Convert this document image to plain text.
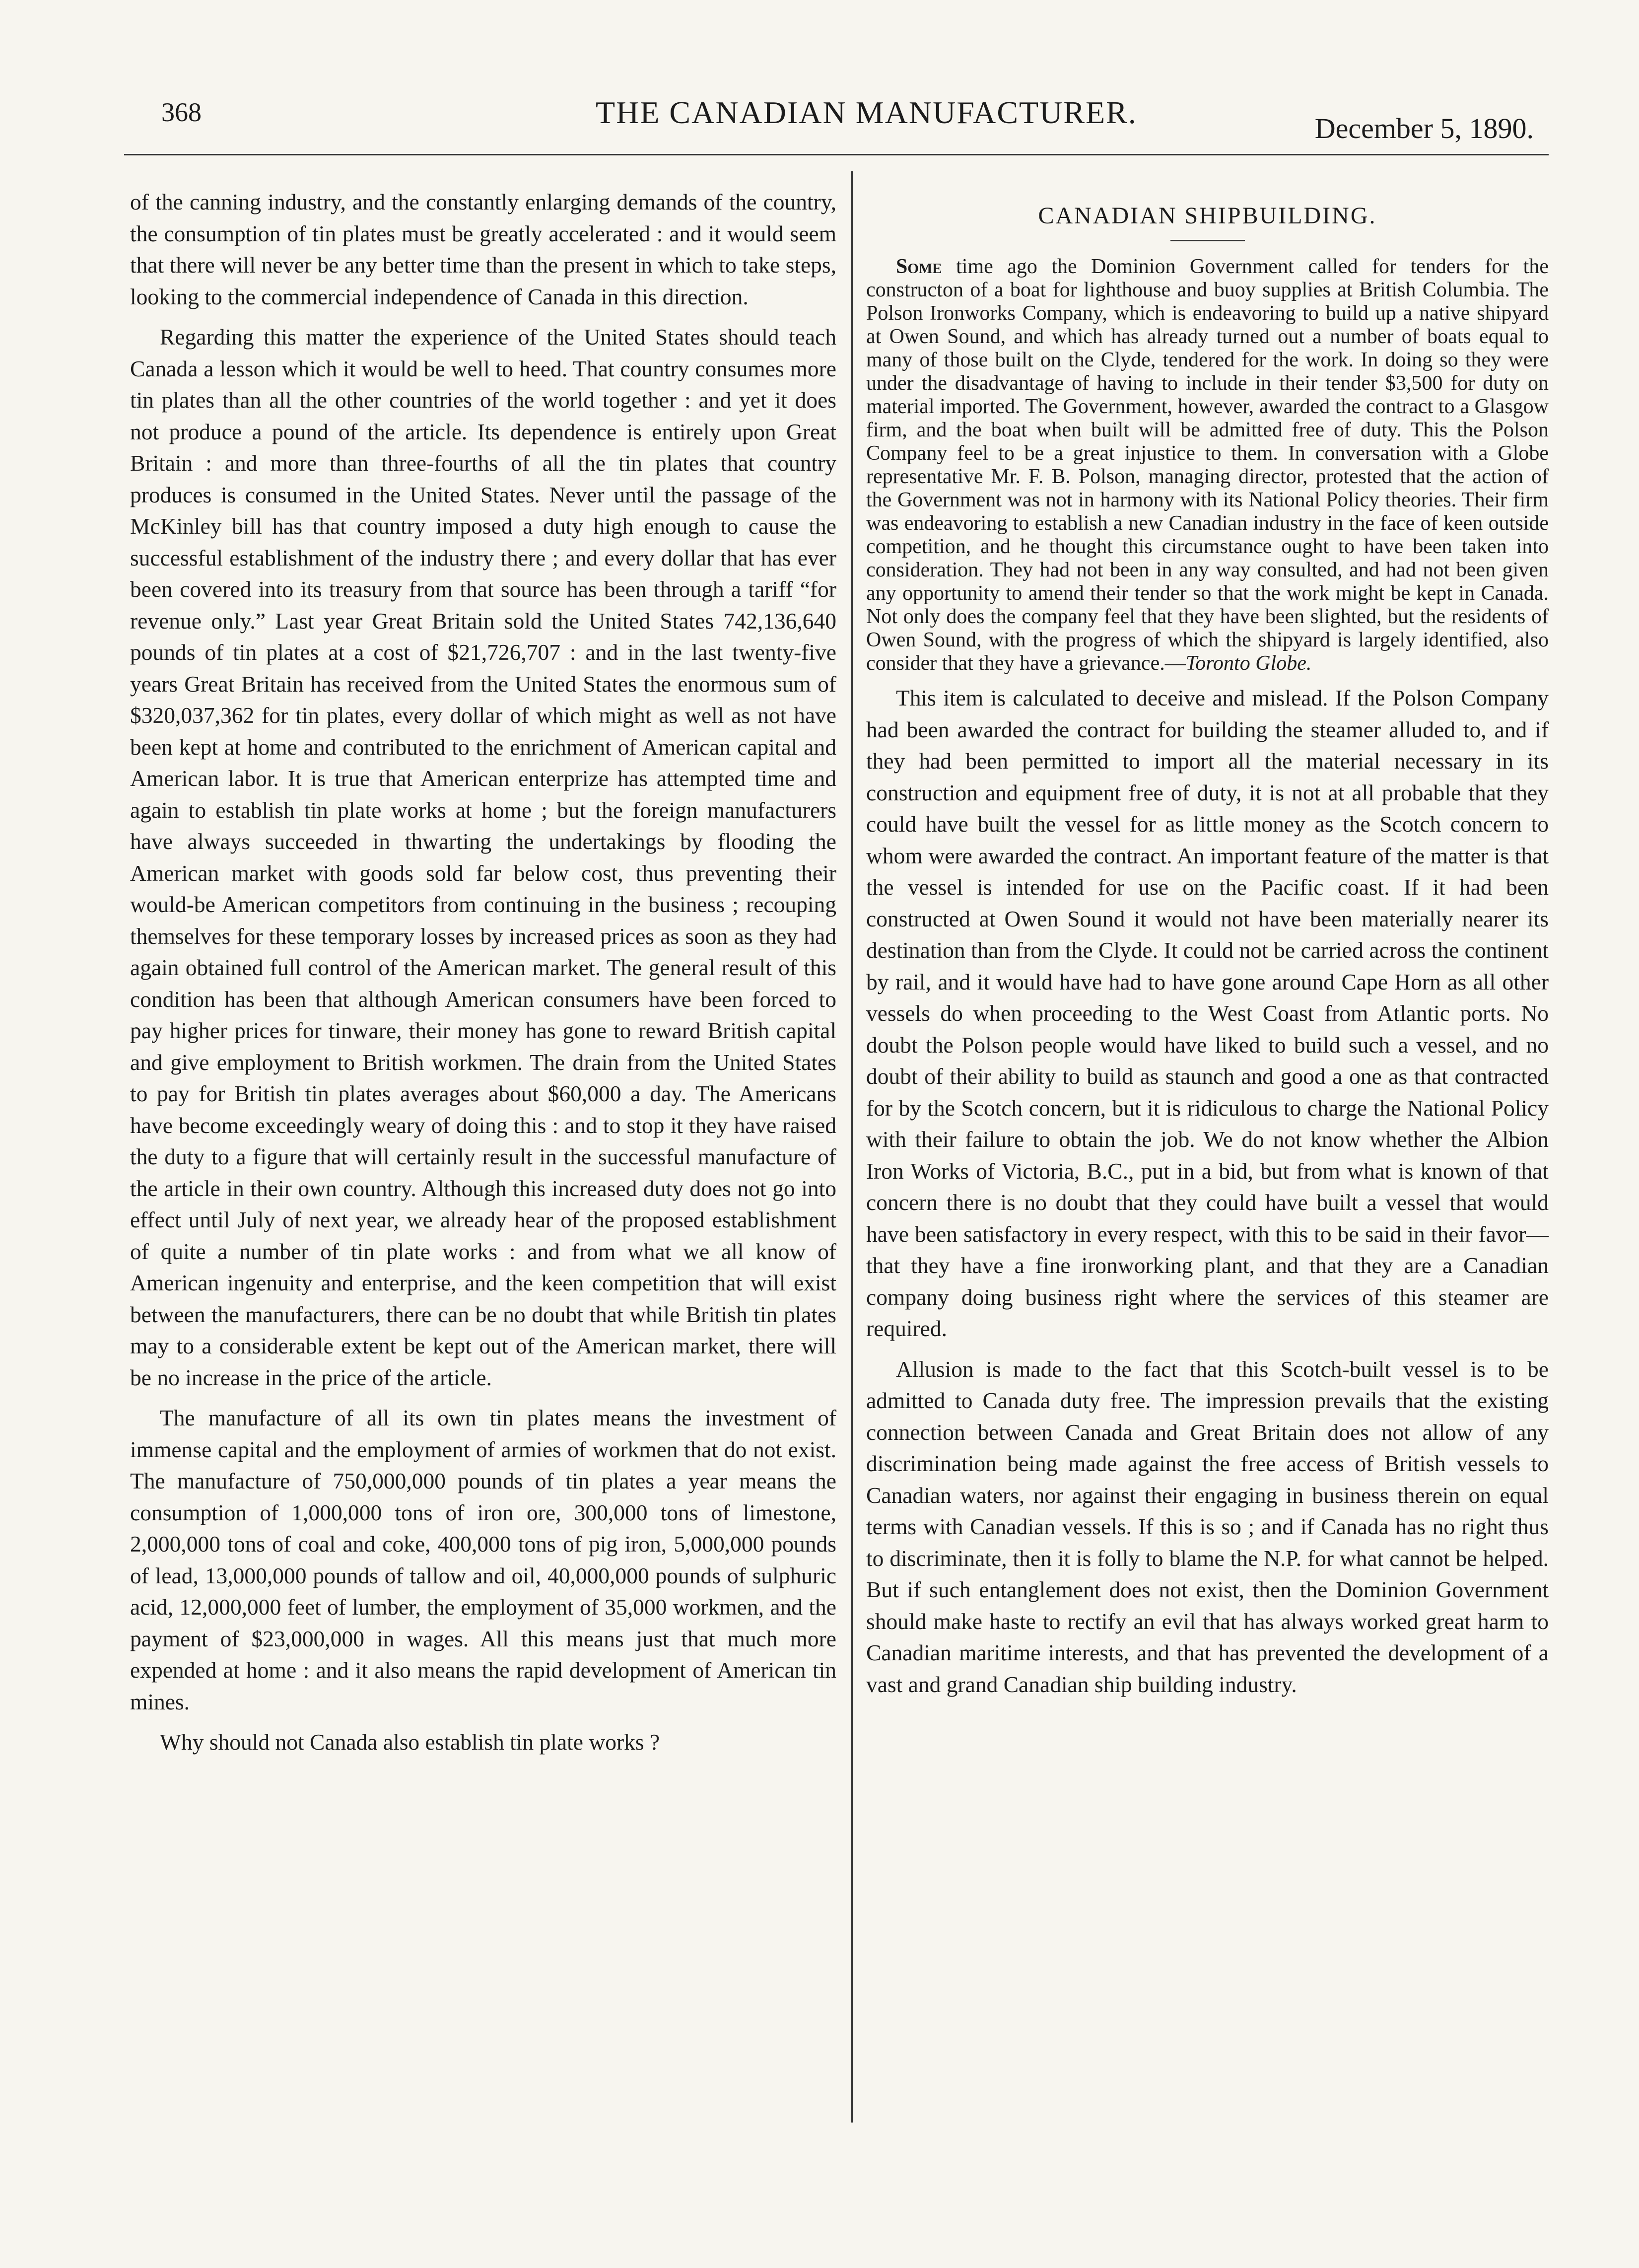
368	THE CANADIAN MANUFACTURER.	December 5, 1890.

of the canning industry, and the constantly enlarging demands of the country, the consumption of tin plates must be greatly accelerated : and it would seem that there will never be any better time than the present in which to take steps, looking to the commercial independence of Canada in this direction.

Regarding this matter the experience of the United States should teach Canada a lesson which it would be well to heed. That country consumes more tin plates than all the other countries of the world together : and yet it does not produce a pound of the article. Its dependence is entirely upon Great Britain : and more than three-fourths of all the tin plates that country produces is consumed in the United States. Never until the passage of the McKinley bill has that country imposed a duty high enough to cause the successful establishment of the industry there ; and every dollar that has ever been covered into its treasury from that source has been through a tariff “for revenue only.” Last year Great Britain sold the United States 742,136,640 pounds of tin plates at a cost of $21,726,707 : and in the last twenty-five years Great Britain has received from the United States the enormous sum of $320,037,362 for tin plates, every dollar of which might as well as not have been kept at home and contributed to the enrichment of American capital and American labor. It is true that American enterprize has attempted time and again to establish tin plate works at home ; but the foreign manufacturers have always succeeded in thwarting the undertakings by flooding the American market with goods sold far below cost, thus preventing their would-be American competitors from continuing in the business ; recouping themselves for these temporary losses by increased prices as soon as they had again obtained full control of the American market. The general result of this condition has been that although American consumers have been forced to pay higher prices for tinware, their money has gone to reward British capital and give employment to British workmen. The drain from the United States to pay for British tin plates averages about $60,000 a day. The Americans have become exceedingly weary of doing this : and to stop it they have raised the duty to a figure that will certainly result in the successful manufacture of the article in their own country. Although this increased duty does not go into effect until July of next year, we already hear of the proposed establishment of quite a number of tin plate works : and from what we all know of American ingenuity and enterprise, and the keen competition that will exist between the manufacturers, there can be no doubt that while British tin plates may to a considerable extent be kept out of the American market, there will be no increase in the price of the article.

The manufacture of all its own tin plates means the investment of immense capital and the employment of armies of workmen that do not exist. The manufacture of 750,000,000 pounds of tin plates a year means the consumption of 1,000,000 tons of iron ore, 300,000 tons of limestone, 2,000,000 tons of coal and coke, 400,000 tons of pig iron, 5,000,000 pounds of lead, 13,000,000 pounds of tallow and oil, 40,000,000 pounds of sulphuric acid, 12,000,000 feet of lumber, the employment of 35,000 workmen, and the payment of $23,000,000 in wages. All this means just that much more expended at home : and it also means the rapid development of American tin mines.

Why should not Canada also establish tin plate works ?

CANADIAN SHIPBUILDING.

Some time ago the Dominion Government called for tenders for the constructon of a boat for lighthouse and buoy supplies at British Columbia. The Polson Ironworks Company, which is endeavoring to build up a native shipyard at Owen Sound, and which has already turned out a number of boats equal to many of those built on the Clyde, tendered for the work. In doing so they were under the disadvantage of having to include in their tender $3,500 for duty on material imported. The Government, however, awarded the contract to a Glasgow firm, and the boat when built will be admitted free of duty. This the Polson Company feel to be a great injustice to them. In conversation with a Globe representative Mr. F. B. Polson, managing director, protested that the action of the Government was not in harmony with its National Policy theories. Their firm was endeavoring to establish a new Canadian industry in the face of keen outside competition, and he thought this circumstance ought to have been taken into consideration. They had not been in any way consulted, and had not been given any opportunity to amend their tender so that the work might be kept in Canada. Not only does the company feel that they have been slighted, but the residents of Owen Sound, with the progress of which the shipyard is largely identified, also consider that they have a grievance.—Toronto Globe.

This item is calculated to deceive and mislead. If the Polson Company had been awarded the contract for building the steamer alluded to, and if they had been permitted to import all the material necessary in its construction and equipment free of duty, it is not at all probable that they could have built the vessel for as little money as the Scotch concern to whom were awarded the contract. An important feature of the matter is that the vessel is intended for use on the Pacific coast. If it had been constructed at Owen Sound it would not have been materially nearer its destination than from the Clyde. It could not be carried across the continent by rail, and it would have had to have gone around Cape Horn as all other vessels do when proceeding to the West Coast from Atlantic ports. No doubt the Polson people would have liked to build such a vessel, and no doubt of their ability to build as staunch and good a one as that contracted for by the Scotch concern, but it is ridiculous to charge the National Policy with their failure to obtain the job. We do not know whether the Albion Iron Works of Victoria, B.C., put in a bid, but from what is known of that concern there is no doubt that they could have built a vessel that would have been satisfactory in every respect, with this to be said in their favor—that they have a fine ironworking plant, and that they are a Canadian company doing business right where the services of this steamer are required.

Allusion is made to the fact that this Scotch-built vessel is to be admitted to Canada duty free. The impression prevails that the existing connection between Canada and Great Britain does not allow of any discrimination being made against the free access of British vessels to Canadian waters, nor against their engaging in business therein on equal terms with Canadian vessels. If this is so ; and if Canada has no right thus to discriminate, then it is folly to blame the N.P. for what cannot be helped. But if such entanglement does not exist, then the Dominion Government should make haste to rectify an evil that has always worked great harm to Canadian maritime interests, and that has prevented the development of a vast and grand Canadian ship building industry.
